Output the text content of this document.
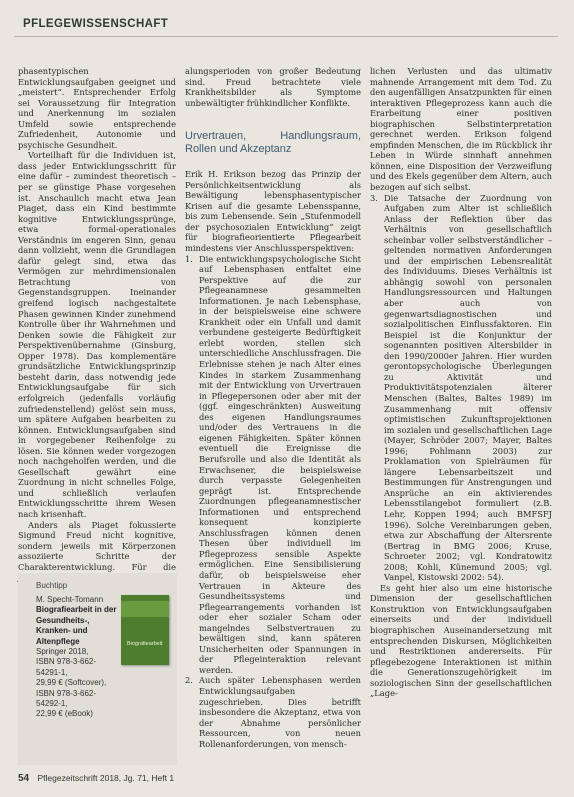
PFLEGEWISSENSCHAFT

phasentypischen Entwicklungsaufgaben geeignet und „meistert“. Entsprechender Erfolg sei Voraussetzung für Integration und Anerkennung im sozialen Umfeld sowie entsprechende Zufriedenheit, Autonomie und psychische Gesundheit.

Vorteilhaft für die Individuen ist, dass jeder Entwicklungsschritt für eine dafür – zumindest theoretisch – per se günstige Phase vorgesehen ist. Anschaulich macht etwa Jean Piaget, dass ein Kind bestimmte kognitive Entwicklungssprünge, etwa formal-operationales Verständnis im engeren Sinn, genau dann vollzieht, wenn die Grundlagen dafür gelegt sind, etwa das Vermögen zur mehrdimensionalen Betrachtung von Gegenstandsgruppen. Ineinander greifend logisch nachgestaltete Phasen gewinnen Kinder zunehmend Kontrolle über ihr Wahrnehmen und Denken sowie die Fähigkeit zur Perspektivenübernahme (Ginsburg, Opper 1978). Das komplementäre grundsätzliche Entwicklungsprinzip besteht darin, dass notwendig jede Entwicklungsaufgabe für sich erfolgreich (jedenfalls vorläufig zufriedenstellend) gelöst sein muss, um spätere Aufgaben bearbeiten zu können. Entwicklungsaufgaben sind in vorgegebener Reihenfolge zu lösen. Sie können weder vorgezogen noch nachgeholfen werden, und die Gesellschaft gewährt eine Zuordnung in nicht schnelles Folge, und schließlich verlaufen Entwicklungsschritte ihrem Wesen nach krisenhaft.

Anders als Piaget fokussierte Sigmund Freud nicht kognitive, sondern jeweils mit Körperzonen assoziierte Schritte der Charakterentwicklung. Für die

alungsperioden von großer Bedeutung sind. Freud betrachtete viele Krankheitsbilder als Symptome unbewältigter frühkindlicher Konflikte.

Urvertrauen, Handlungsraum, Rollen und Akzeptanz

Erik H. Erikson bezog das Prinzip der Persönlichkeitsentwicklung als Bewältigung lebensphasentypischer Krisen auf die gesamte Lebensspanne, bis zum Lebensende. Sein „Stufenmodell der psychosozialen Entwicklung“ zeigt für biografieorientierte Pflegearbeit mindestens vier Anschlussperspektiven:

1. Die entwicklungspsychologische Sicht auf Lebensphasen entfaltet eine Perspektive auf die zur Pflegeanamnese gesammelten Informationen. Je nach Lebensphase, in der beispielsweise eine schwere Krankheit oder ein Unfall und damit verbundene gesteigerte Bedürftigkeit erlebt worden, stellen sich unterschiedliche Anschlussfragen. Die Erlebnisse stehen je nach Alter eines Kindes in starkem Zusammenhang mit der Entwicklung von Urvertrauen in Pflegepersonen oder aber mit der (ggf. eingeschränkten) Ausweitung des eigenen Handlungsraumes und/oder des Vertrauens in die eigenen Fähigkeiten. Später können eventuell die Ereignisse die Berufsrolle und also die Identität als Erwachsener, die beispielsweise durch verpasste Gelegenheiten geprägt ist. Entsprechende Zuordnungen pflegeanamnestischer Informationen und entsprechend konsequent konzipierte Anschlussfragen können denen Thesen über individuell im Pflegeprozess sensible Aspekte ermöglichen. Eine Sensibilisierung dafür, ob beispielsweise eher Vertrauen in Akteure des Gesundheitssystems und Pflegearrangements vorhanden ist oder eher sozialer Scham oder mangelndes Selbstvertrauen zu bewältigen sind, kann späteren Unsicherheiten oder Spannungen in der Pflegeinteraktion relevant werden.
2. Auch später Lebensphasen werden Entwicklungsaufgaben zugeschrieben. Dies betrifft insbesondere die Akzeptanz, etwa von der Abnahme persönlicher Ressourcen, von neuen Rollenanforderungen, von mensch-

lichen Verlusten und das ultimativ mahnende Arrangement mit dem Tod. Zu den augenfälligen Ansatzpunkten für einen interaktiven Pflegeprozess kann auch die Erarbeitung einer positiven biographischen Selbstinterpretation gerechnet werden. Erikson folgend empfinden Menschen, die im Rückblick ihr Leben in Würde sinnhaft annehmen können, eine Disposition der Verzweiflung und des Ekels gegenüber dem Altern, auch bezogen auf sich selbst.

3. Die Tatsache der Zuordnung von Aufgaben zum Alter ist schließlich Anlass der Reflektion über das Verhältnis von gesellschaftlich scheinbar voller selbstverständlicher – geltenden normativen Anforderungen und der empirischen Lebensrealität des Individuums. Dieses Verhältnis ist abhängig sowohl von personalen Handlungsressourcen und Haltungen aber auch von gegenwartsdiagnostischen und sozialpolitischen Einflussfaktoren. Ein Beispiel ist die Konjunktur der sogenannten positiven Altersbilder in den 1990/2000er Jahren. Hier wurden gerontopsychologische Überlegungen zu Aktivität und Produktivitätspotenzialen älterer Menschen (Baltes, Baltes 1989) im Zusammenhang mit offensiv optimistischen Zukunftsprojektionen im sozialen und gesellschaftlichen Lage (Mayer, Schröder 2007; Mayer, Baltes 1996; Pohlmann 2003) zur Proklamation von Spielräumen für längere Lebensarbeitszeit und Bestimmungen für Anstrengungen und Ansprüche an ein aktivierendes Lebensstilangebot formuliert (z.B. Lehr, Koppen 1994; auch BMFSFJ 1996). Solche Vereinbarungen geben, etwa zur Abschaffung der Altersrente (Bertrag in BMG 2006; Kruse, Schroeter 2002; vgl. Kondratowitz 2008; Kohli, Künemund 2005; vgl. Vanpel, Kistowski 2002: 54).

Es geht hier also um eine historische Dimension der gesellschaftlichen Konstruktion von Entwicklungsaufgaben einerseits und der individuell biographischen Auseinandersetzung mit entsprechenden Diskursen, Möglichkeiten und Restriktionen andererseits. Für pflegebezogene Interaktionen ist mithin die Generationszugehörigkeit im soziologischen Sinn der gesellschaftlichen „Lage-

Buchtipp
M. Specht-Tomann
Biografiearbeit in der Gesundheits-, Kranken- und Altenpflege
Springer 2018,
ISBN 978-3-662-54291-1,
29,99 € (Softcover),
ISBN 978-3-662-54292-1,
22,99 € (eBook)
Biografiearbeit
54 Pflegezeitschrift 2018, Jg. 71, Heft 1
